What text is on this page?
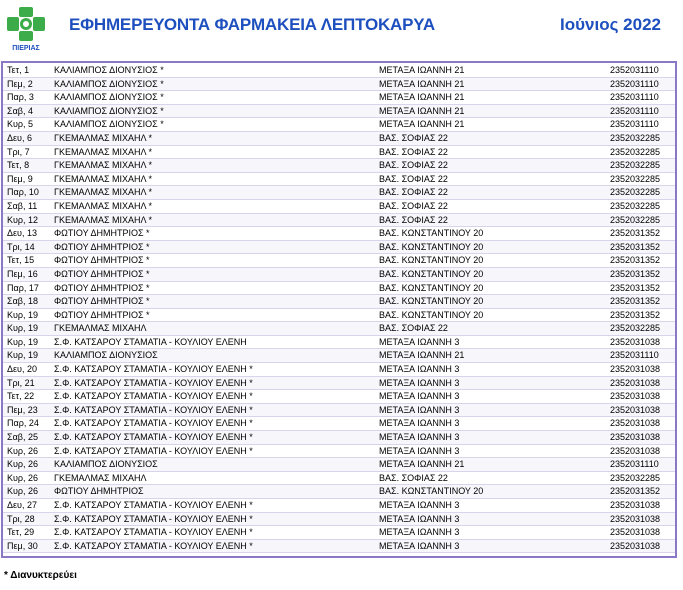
ΠΙΕΡΙΑΣ
ΕΦΗΜΕΡΕΥΟΝΤΑ ΦΑΡΜΑΚΕΙΑ ΛΕΠΤΟΚΑΡΥΑ	Ιούνιος 2022
Τετ, 1	ΚΑΛΙΑΜΠΟΣ ΔΙΟΝΥΣΙΟΣ *	ΜΕΤΑΞΑ ΙΩΑΝΝΗ 21	2352031110
Πεμ, 2 ΚΑΛΙΑΜΠΟΣ ΔΙΟΝΥΣΙΟΣ *	ΜΕΤΑΞΑ ΙΩΑΝΝΗ 21	2352031110
Παρ, 3 ΚΑΛΙΑΜΠΟΣ ΔΙΟΝΥΣΙΟΣ *	ΜΕΤΑΞΑ ΙΩΑΝΝΗ 21	2352031110
Σαβ, 4 ΚΑΛΙΑΜΠΟΣ ΔΙΟΝΥΣΙΟΣ *	ΜΕΤΑΞΑ ΙΩΑΝΝΗ 21	2352031110
Κυρ, 5 ΚΑΛΙΑΜΠΟΣ ΔΙΟΝΥΣΙΟΣ *	ΜΕΤΑΞΑ ΙΩΑΝΝΗ 21	2352031110
Δευ, 6 ΓΚΕΜΑΛΜΑΣ ΜΙΧΑΗΛ *	ΒΑΣ. ΣΟΦΙΑΣ 22	2352032285
Τρι, 7	ΓΚΕΜΑΛΜΑΣ ΜΙΧΑΗΛ *	ΒΑΣ. ΣΟΦΙΑΣ 22	2352032285
Τετ, 8	ΓΚΕΜΑΛΜΑΣ ΜΙΧΑΗΛ *	ΒΑΣ. ΣΟΦΙΑΣ 22	2352032285
Πεμ, 9 ΓΚΕΜΑΛΜΑΣ ΜΙΧΑΗΛ *	ΒΑΣ. ΣΟΦΙΑΣ 22	2352032285
Παρ, 10 ΓΚΕΜΑΛΜΑΣ ΜΙΧΑΗΛ *	ΒΑΣ. ΣΟΦΙΑΣ 22	2352032285
Σαβ, 11 ΓΚΕΜΑΛΜΑΣ ΜΙΧΑΗΛ *	ΒΑΣ. ΣΟΦΙΑΣ 22	2352032285
Κυρ, 12 ΓΚΕΜΑΛΜΑΣ ΜΙΧΑΗΛ *	ΒΑΣ. ΣΟΦΙΑΣ 22	2352032285
Δευ, 13 ΦΩΤΙΟΥ ΔΗΜΗΤΡΙΟΣ *	ΒΑΣ. ΚΩΝΣΤΑΝΤΙΝΟΥ 20	2352031352
Τρι, 14 ΦΩΤΙΟΥ ΔΗΜΗΤΡΙΟΣ *	ΒΑΣ. ΚΩΝΣΤΑΝΤΙΝΟΥ 20	2352031352
Τετ, 15 ΦΩΤΙΟΥ ΔΗΜΗΤΡΙΟΣ *	ΒΑΣ. ΚΩΝΣΤΑΝΤΙΝΟΥ 20	2352031352
Πεμ, 16 ΦΩΤΙΟΥ ΔΗΜΗΤΡΙΟΣ *	ΒΑΣ. ΚΩΝΣΤΑΝΤΙΝΟΥ 20	2352031352
Παρ, 17 ΦΩΤΙΟΥ ΔΗΜΗΤΡΙΟΣ *	ΒΑΣ. ΚΩΝΣΤΑΝΤΙΝΟΥ 20	2352031352
Σαβ, 18 ΦΩΤΙΟΥ ΔΗΜΗΤΡΙΟΣ *	ΒΑΣ. ΚΩΝΣΤΑΝΤΙΝΟΥ 20	2352031352
Κυρ, 19 ΦΩΤΙΟΥ ΔΗΜΗΤΡΙΟΣ *	ΒΑΣ. ΚΩΝΣΤΑΝΤΙΝΟΥ 20	2352031352
Κυρ, 19 ΓΚΕΜΑΛΜΑΣ ΜΙΧΑΗΛ	ΒΑΣ. ΣΟΦΙΑΣ 22	2352032285
Κυρ, 19 Σ.Φ. ΚΑΤΣΑΡΟΥ ΣΤΑΜΑΤΙΑ - ΚΟΥΛΙΟΥ ΕΛΕΝΗ	ΜΕΤΑΞΑ ΙΩΑΝΝΗ 3	2352031038
Κυρ, 19 ΚΑΛΙΑΜΠΟΣ ΔΙΟΝΥΣΙΟΣ	ΜΕΤΑΞΑ ΙΩΑΝΝΗ 21	2352031110
Δευ, 20 Σ.Φ. ΚΑΤΣΑΡΟΥ ΣΤΑΜΑΤΙΑ - ΚΟΥΛΙΟΥ ΕΛΕΝΗ *	ΜΕΤΑΞΑ ΙΩΑΝΝΗ 3	2352031038
Τρι, 21 Σ.Φ. ΚΑΤΣΑΡΟΥ ΣΤΑΜΑΤΙΑ - ΚΟΥΛΙΟΥ ΕΛΕΝΗ *	ΜΕΤΑΞΑ ΙΩΑΝΝΗ 3	2352031038
Τετ, 22 Σ.Φ. ΚΑΤΣΑΡΟΥ ΣΤΑΜΑΤΙΑ - ΚΟΥΛΙΟΥ ΕΛΕΝΗ *	ΜΕΤΑΞΑ ΙΩΑΝΝΗ 3	2352031038
Πεμ, 23 Σ.Φ. ΚΑΤΣΑΡΟΥ ΣΤΑΜΑΤΙΑ - ΚΟΥΛΙΟΥ ΕΛΕΝΗ *	ΜΕΤΑΞΑ ΙΩΑΝΝΗ 3	2352031038
Παρ, 24 Σ.Φ. ΚΑΤΣΑΡΟΥ ΣΤΑΜΑΤΙΑ - ΚΟΥΛΙΟΥ ΕΛΕΝΗ *	ΜΕΤΑΞΑ ΙΩΑΝΝΗ 3	2352031038
Σαβ, 25 Σ.Φ. ΚΑΤΣΑΡΟΥ ΣΤΑΜΑΤΙΑ - ΚΟΥΛΙΟΥ ΕΛΕΝΗ *	ΜΕΤΑΞΑ ΙΩΑΝΝΗ 3	2352031038
Κυρ, 26 Σ.Φ. ΚΑΤΣΑΡΟΥ ΣΤΑΜΑΤΙΑ - ΚΟΥΛΙΟΥ ΕΛΕΝΗ *	ΜΕΤΑΞΑ ΙΩΑΝΝΗ 3	2352031038
Κυρ, 26 ΚΑΛΙΑΜΠΟΣ ΔΙΟΝΥΣΙΟΣ	ΜΕΤΑΞΑ ΙΩΑΝΝΗ 21	2352031110
Κυρ, 26 ΓΚΕΜΑΛΜΑΣ ΜΙΧΑΗΛ	ΒΑΣ. ΣΟΦΙΑΣ 22	2352032285
Κυρ, 26 ΦΩΤΙΟΥ ΔΗΜΗΤΡΙΟΣ	ΒΑΣ. ΚΩΝΣΤΑΝΤΙΝΟΥ 20	2352031352
Δευ, 27 Σ.Φ. ΚΑΤΣΑΡΟΥ ΣΤΑΜΑΤΙΑ - ΚΟΥΛΙΟΥ ΕΛΕΝΗ *	ΜΕΤΑΞΑ ΙΩΑΝΝΗ 3	2352031038
Τρι, 28 Σ.Φ. ΚΑΤΣΑΡΟΥ ΣΤΑΜΑΤΙΑ - ΚΟΥΛΙΟΥ ΕΛΕΝΗ *	ΜΕΤΑΞΑ ΙΩΑΝΝΗ 3	2352031038
Τετ, 29 Σ.Φ. ΚΑΤΣΑΡΟΥ ΣΤΑΜΑΤΙΑ - ΚΟΥΛΙΟΥ ΕΛΕΝΗ *	ΜΕΤΑΞΑ ΙΩΑΝΝΗ 3	2352031038
Πεμ, 30 Σ.Φ. ΚΑΤΣΑΡΟΥ ΣΤΑΜΑΤΙΑ - ΚΟΥΛΙΟΥ ΕΛΕΝΗ *	ΜΕΤΑΞΑ ΙΩΑΝΝΗ 3	2352031038
* Διανυκτερεύει
